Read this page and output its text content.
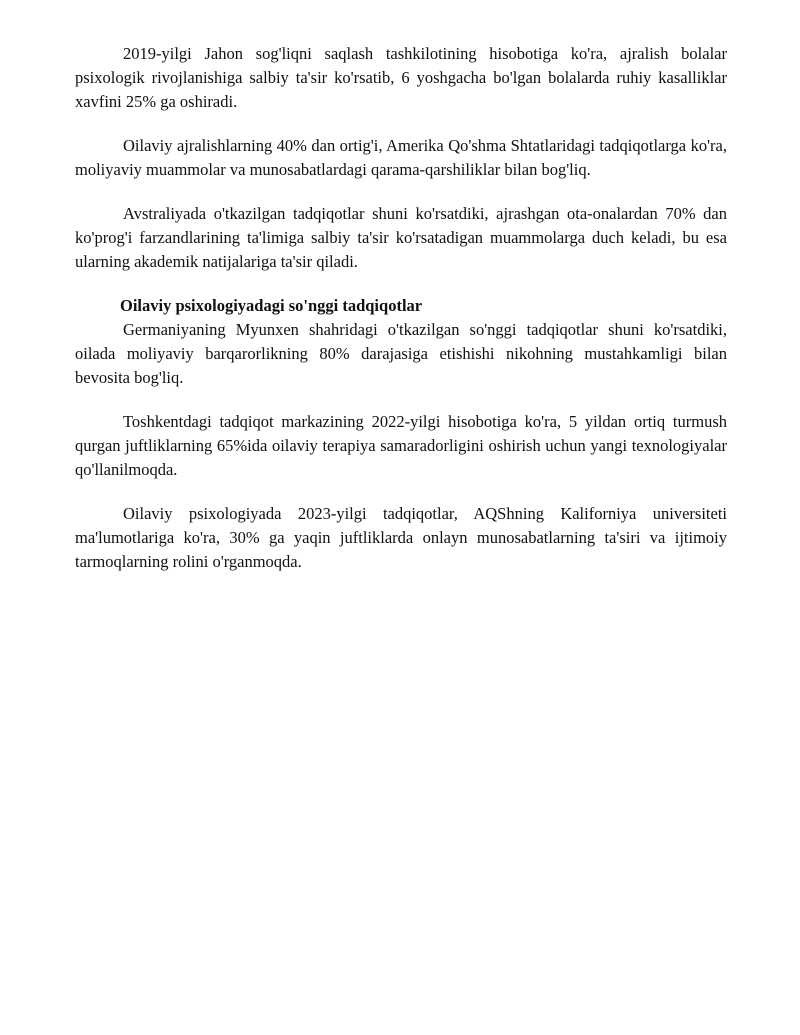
2019-yilgi Jahon sog'liqni saqlash tashkilotining hisobotiga ko'ra, ajralish bolalar psixologik rivojlanishiga salbiy ta'sir ko'rsatib, 6 yoshgacha bo'lgan bolalarda ruhiy kasalliklar xavfini 25% ga oshiradi.

Oilaviy ajralishlarning 40% dan ortig'i, Amerika Qo'shma Shtatlaridagi tadqiqotlarga ko'ra, moliyaviy muammolar va munosabatlardagi qarama-qarshiliklar bilan bog'liq.

Avstraliyada o'tkazilgan tadqiqotlar shuni ko'rsatdiki, ajrashgan ota-onalardan 70% dan ko'prog'i farzandlarining ta'limiga salbiy ta'sir ko'rsatadigan muammolarga duch keladi, bu esa ularning akademik natijalariga ta'sir qiladi.

Oilaviy psixologiyadagi so'nggi tadqiqotlar

Germaniyaning Myunxen shahridagi o'tkazilgan so'nggi tadqiqotlar shuni ko'rsatdiki, oilada moliyaviy barqarorlikning 80% darajasiga etishishi nikohning mustahkamligi bilan bevosita bog'liq.

Toshkentdagi tadqiqot markazining 2022-yilgi hisobotiga ko'ra, 5 yildan ortiq turmush qurgan juftliklarning 65%ida oilaviy terapiya samaradorligini oshirish uchun yangi texnologiyalar qo'llanilmoqda.

Oilaviy psixologiyada 2023-yilgi tadqiqotlar, AQShning Kaliforniya universiteti ma'lumotlariga ko'ra, 30% ga yaqin juftliklarda onlayn munosabatlarning ta'siri va ijtimoiy tarmoqlarning rolini o'rganmoqda.
